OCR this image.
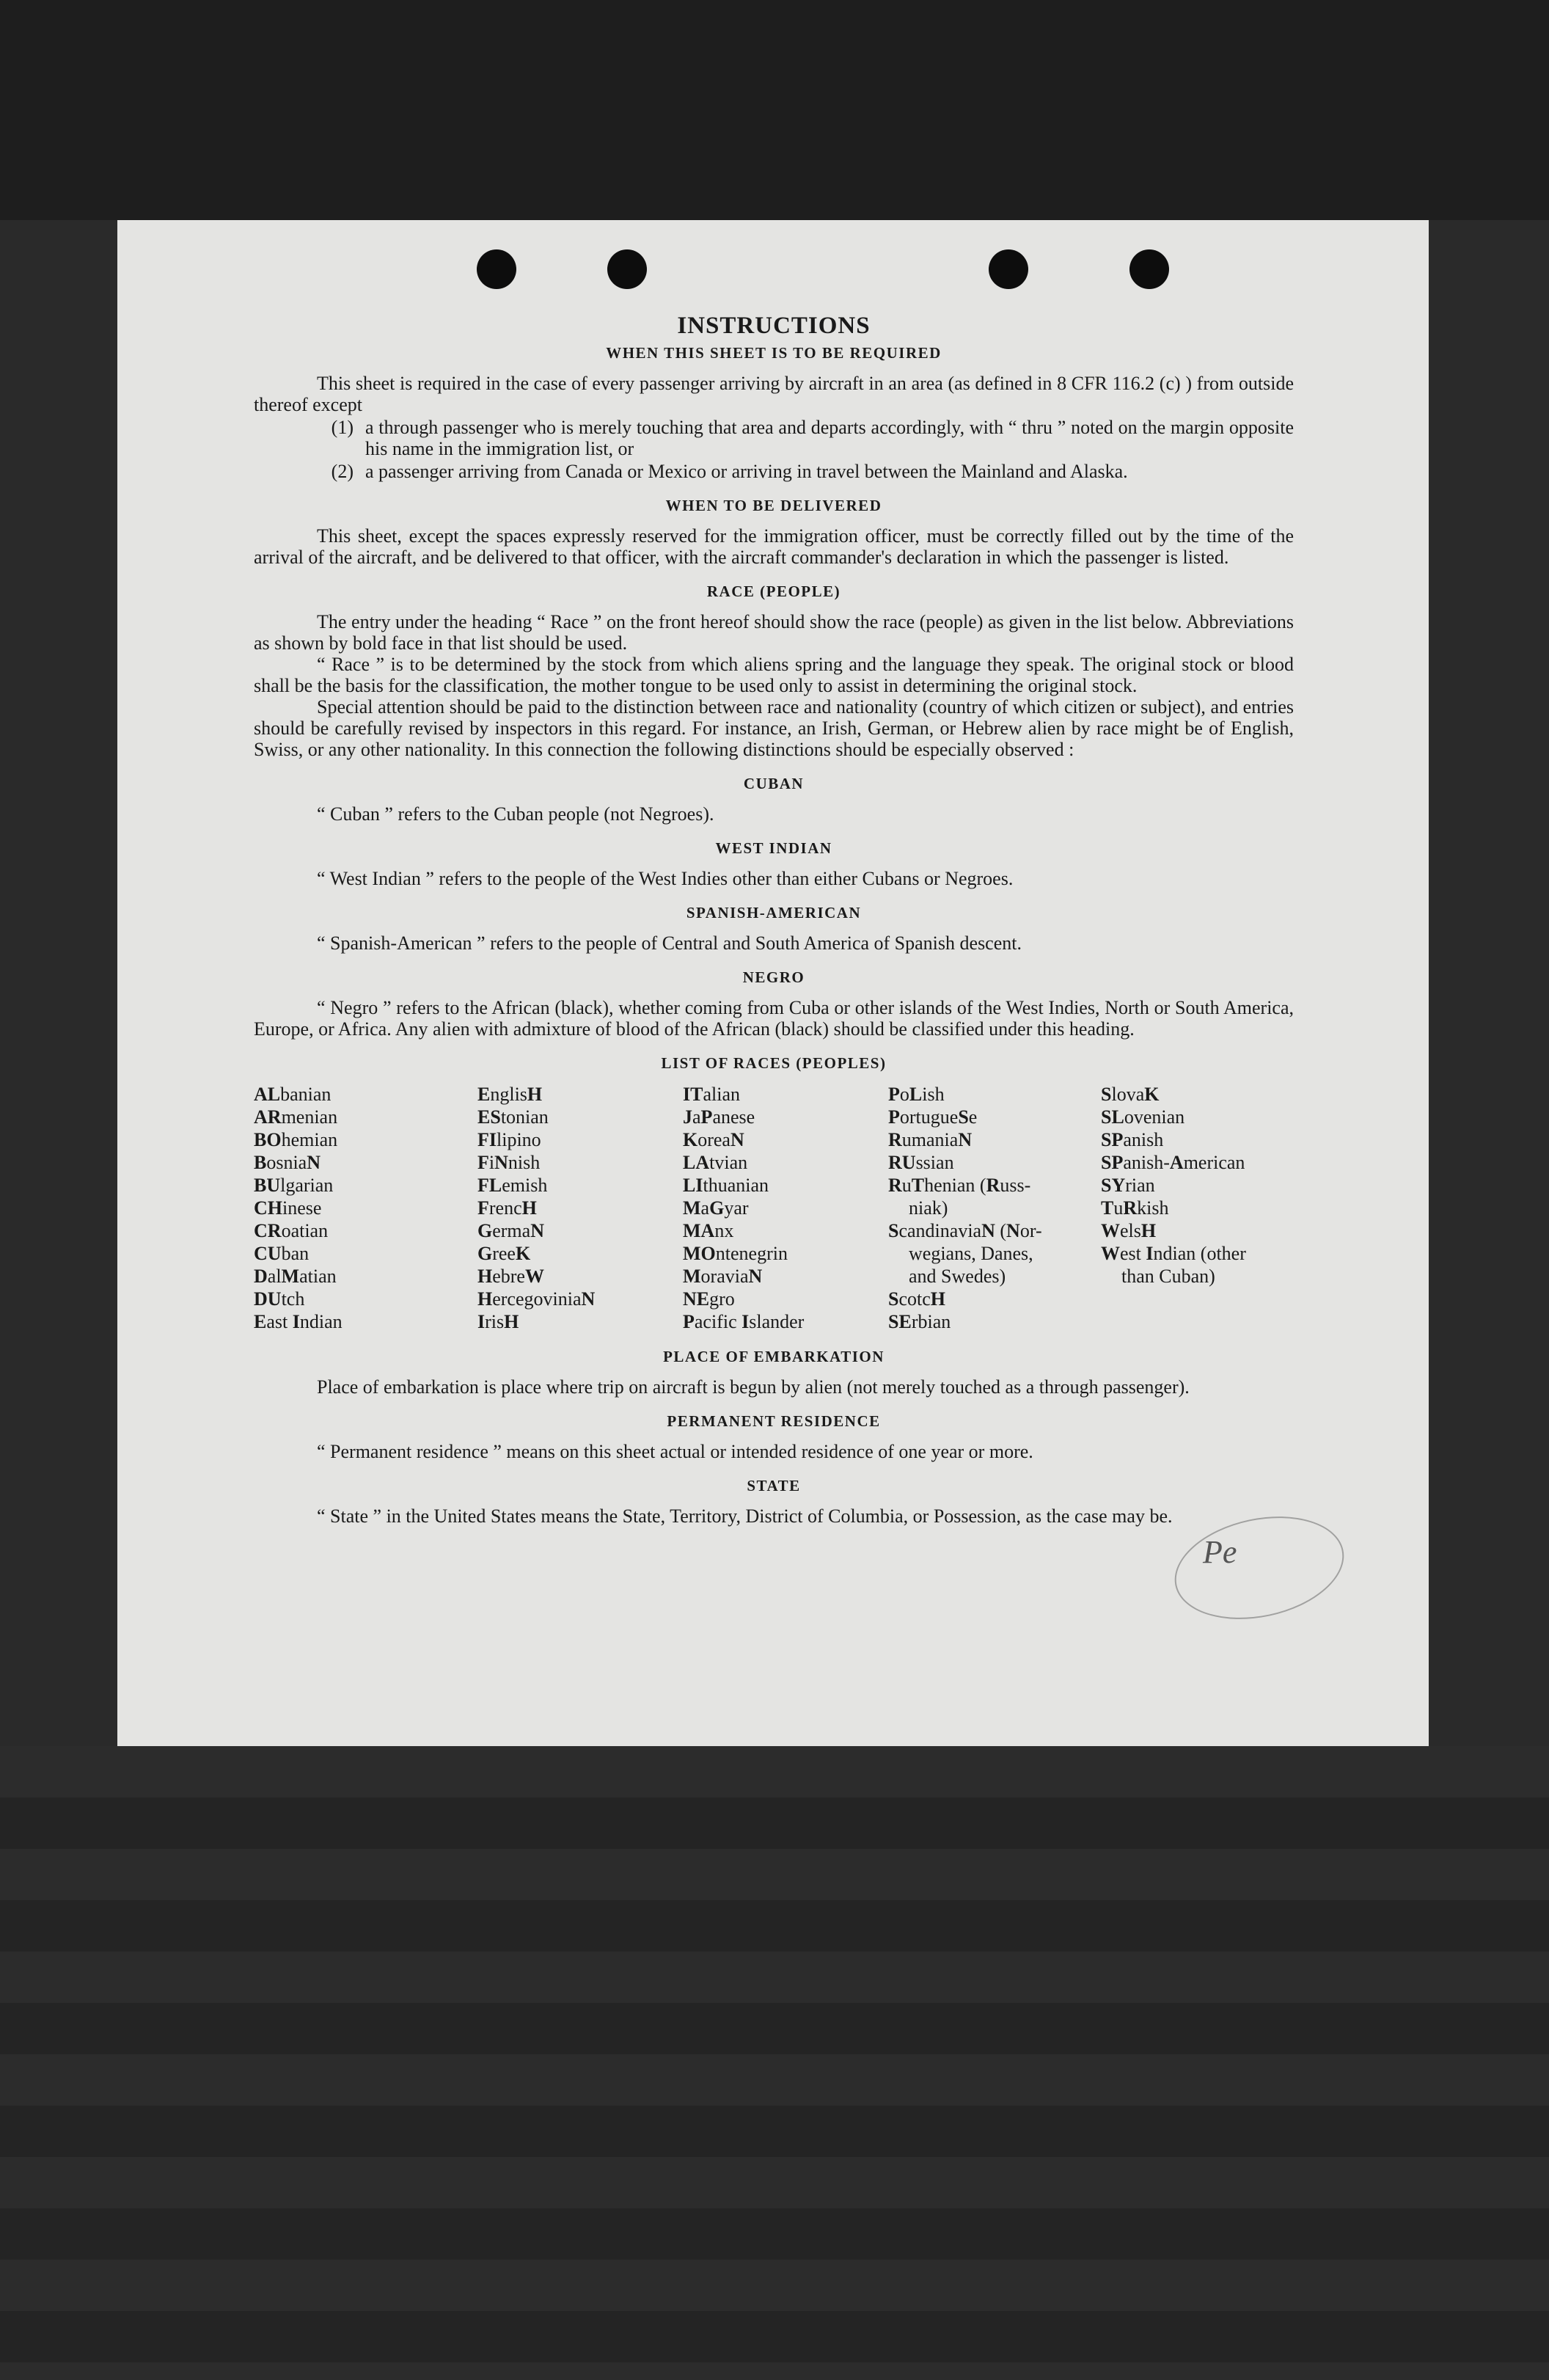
Pe
INSTRUCTIONS
WHEN THIS SHEET IS TO BE REQUIRED

This sheet is required in the case of every passenger arriving by aircraft in an area (as defined in 8 CFR 116.2 (c) ) from outside thereof except

(1) a through passenger who is merely touching that area and departs accordingly, with “ thru ” noted on the margin opposite his name in the immigration list, or
(2) a passenger arriving from Canada or Mexico or arriving in travel between the Mainland and Alaska.
WHEN TO BE DELIVERED

This sheet, except the spaces expressly reserved for the immigration officer, must be correctly filled out by the time of the arrival of the aircraft, and be delivered to that officer, with the aircraft commander's declaration in which the passenger is listed.

RACE (PEOPLE)

The entry under the heading “ Race ” on the front hereof should show the race (people) as given in the list below. Abbreviations as shown by bold face in that list should be used.

“ Race ” is to be determined by the stock from which aliens spring and the language they speak. The original stock or blood shall be the basis for the classification, the mother tongue to be used only to assist in determining the original stock.

Special attention should be paid to the distinction between race and nationality (country of which citizen or subject), and entries should be carefully revised by inspectors in this regard. For instance, an Irish, German, or Hebrew alien by race might be of English, Swiss, or any other nationality. In this connection the following distinctions should be especially observed :

CUBAN

“ Cuban ” refers to the Cuban people (not Negroes).

WEST INDIAN

“ West Indian ” refers to the people of the West Indies other than either Cubans or Negroes.

SPANISH-AMERICAN

“ Spanish-American ” refers to the people of Central and South America of Spanish descent.

NEGRO

“ Negro ” refers to the African (black), whether coming from Cuba or other islands of the West Indies, North or South America, Europe, or Africa. Any alien with admixture of blood of the African (black) should be classified under this heading.

LIST OF RACES (PEOPLES)
ALbanian
ARmenian
BOhemian
BosniaN
BUlgarian
CHinese
CRoatian
CUban
DalMatian
DUtch
East Indian
EnglisH
EStonian
FIlipino
FiNnish
FLemish
FrencH
GermaN
GreeK
HebreW
HercegoviniaN
IrisH
ITalian
JaPanese
KoreaN
LAtvian
LIthuanian
MaGyar
MAnx
MOntenegrin
MoraviaN
NEgro
Pacific Islander
PoLish
PortugueSe
RumaniaN
RUssian
RuThenian (Russ-
niak)
ScandinaviaN (Nor-
wegians, Danes,
and Swedes)
ScotcH
SErbian
SlovaK
SLovenian
SPanish
SPanish-American
SYrian
TuRkish
WelsH
West Indian (other
than Cuban)
PLACE OF EMBARKATION

Place of embarkation is place where trip on aircraft is begun by alien (not merely touched as a through passenger).

PERMANENT RESIDENCE

“ Permanent residence ” means on this sheet actual or intended residence of one year or more.

STATE

“ State ” in the United States means the State, Territory, District of Columbia, or Possession, as the case may be.
